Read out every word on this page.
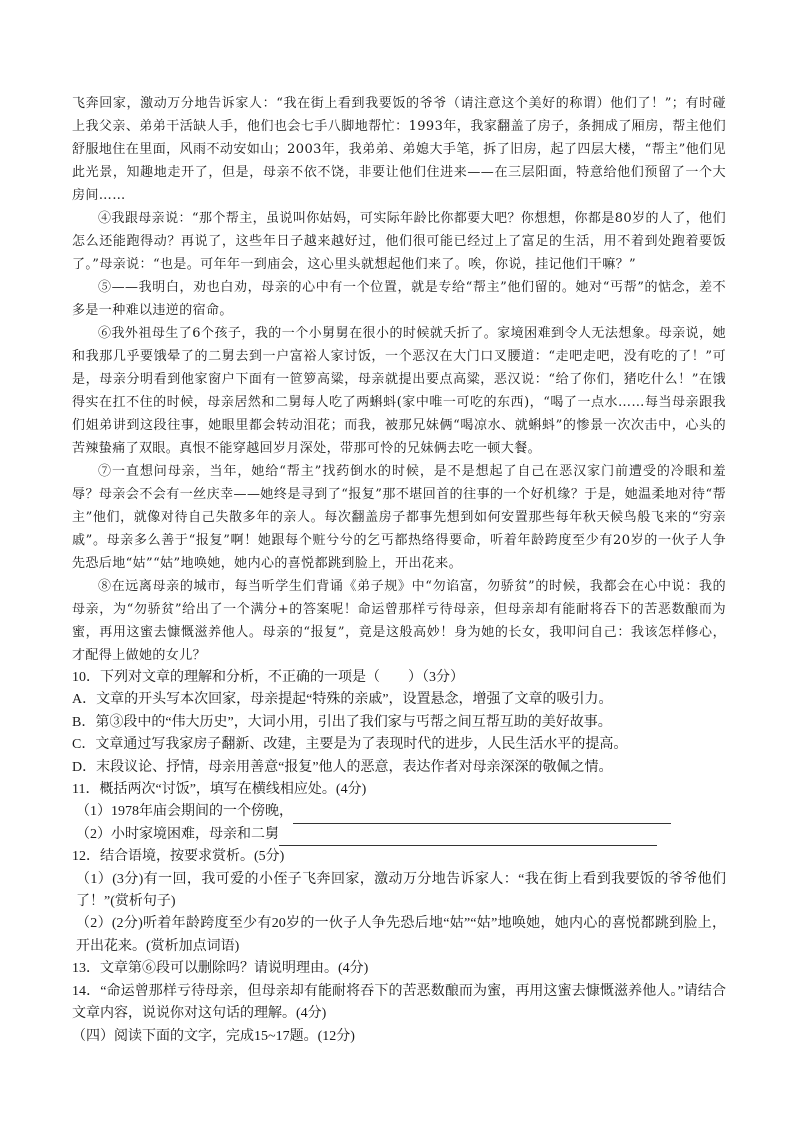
飞奔回家，激动万分地告诉家人：“我在街上看到我要饭的爷爷（请注意这个美好的称谓）他们了！”；有时碰上我父亲、弟弟干活缺人手，他们也会七手八脚地帮忙：1993年，我家翻盖了房子，条拥成了厢房，帮主他们舒服地住在里面，风雨不动安如山；2003年，我弟弟、弟媳大手笔，拆了旧房，起了四层大楼，“帮主”他们见此光景，知趣地走开了，但是，母亲不依不饶，非要让他们住进来——在三层阳面，特意给他们预留了一个大房间……

④我跟母亲说：“那个帮主，虽说叫你姑妈，可实际年龄比你都要大吧？你想想，你都是80岁的人了，他们怎么还能跑得动？再说了，这些年日子越来越好过，他们很可能已经过上了富足的生活，用不着到处跑着要饭了。”母亲说：“也是。可年年一到庙会，这心里头就想起他们来了。唉，你说，挂记他们干嘛？”

⑤——我明白，劝也白劝，母亲的心中有一个位置，就是专给“帮主”他们留的。她对“丐帮”的惦念，差不多是一种难以违逆的宿命。

⑥我外祖母生了6个孩子，我的一个小舅舅在很小的时候就夭折了。家境困难到令人无法想象。母亲说，她和我那几乎要饿晕了的二舅去到一户富裕人家讨饭，一个恶汉在大门口叉腰道：“走吧走吧，没有吃的了！”可是，母亲分明看到他家窗户下面有一笸箩高粱，母亲就提出要点高粱，恶汉说：“给了你们，猪吃什么！”在饿得实在扛不住的时候，母亲居然和二舅每人吃了两蝌蚪(家中唯一可吃的东西)，“喝了一点水……每当母亲跟我们姐弟讲到这段往事，她眼里都会转动泪花；而我，被那兄妹俩“喝凉水、就蝌蚪”的惨景一次次击中，心头的苦辣蛰痛了双眼。真恨不能穿越回岁月深处，带那可怜的兄妹俩去吃一顿大餐。

⑦一直想问母亲，当年，她给“帮主”找药倒水的时候，是不是想起了自己在恶汉家门前遭受的冷眼和羞辱？母亲会不会有一丝庆幸——她终是寻到了“报复”那不堪回首的往事的一个好机缘？于是，她温柔地对待“帮主”他们，就像对待自己失散多年的亲人。每次翻盖房子都事先想到如何安置那些每年秋天候鸟般飞来的“穷亲戚”。母亲多么善于“报复”啊！她跟每个赃兮兮的乞丐都热络得要命，听着年龄跨度至少有20岁的一伙子人争先恐后地“姑”“姑”地唤她，她内心的喜悦都跳到脸上，开出花来。

⑧在远离母亲的城市，每当听学生们背诵《弟子规》中“勿谄富，勿骄贫”的时候，我都会在心中说：我的母亲，为“勿骄贫”给出了一个满分+的答案呢！命运曾那样亏待母亲，但母亲却有能耐将吞下的苦恶数酿而为蜜，再用这蜜去慷慨滋养他人。母亲的“报复”，竟是这般高妙！身为她的长女，我叩问自己：我该怎样修心，才配得上做她的女儿？

10．下列对文章的理解和分析，不正确的一项是（　　）（3分）

A．文章的开头写本次回家，母亲提起“特殊的亲戚”，设置悬念，增强了文章的吸引力。

B．第③段中的“伟大历史”，大词小用，引出了我们家与丐帮之间互帮互助的美好故事。

C．文章通过写我家房子翻新、改建，主要是为了表现时代的进步，人民生活水平的提高。

D．末段议论、抒情，母亲用善意“报复”他人的恶意，表达作者对母亲深深的敬佩之情。

11．概括两次“讨饭”，填写在横线相应处。(4分)

（1）1978年庙会期间的一个傍晚，

（2）小时家境困难，母亲和二舅

12．结合语境，按要求赏析。(5分)

（1）(3分)有一回，我可爱的小侄子飞奔回家，激动万分地告诉家人：“我在街上看到我要饭的爷爷他们了！”(赏析句子)

（2）(2分)听着年龄跨度至少有20岁的一伙子人争先恐后地“姑”“姑”地唤她，她内心的喜悦都跳到脸上，开出花来。(赏析加点词语)

13．文章第⑥段可以删除吗？请说明理由。(4分)

14．“命运曾那样亏待母亲，但母亲却有能耐将吞下的苦恶数酿而为蜜，再用这蜜去慷慨滋养他人。”请结合文章内容，说说你对这句话的理解。(4分)

（四）阅读下面的文字，完成15~17题。(12分)
